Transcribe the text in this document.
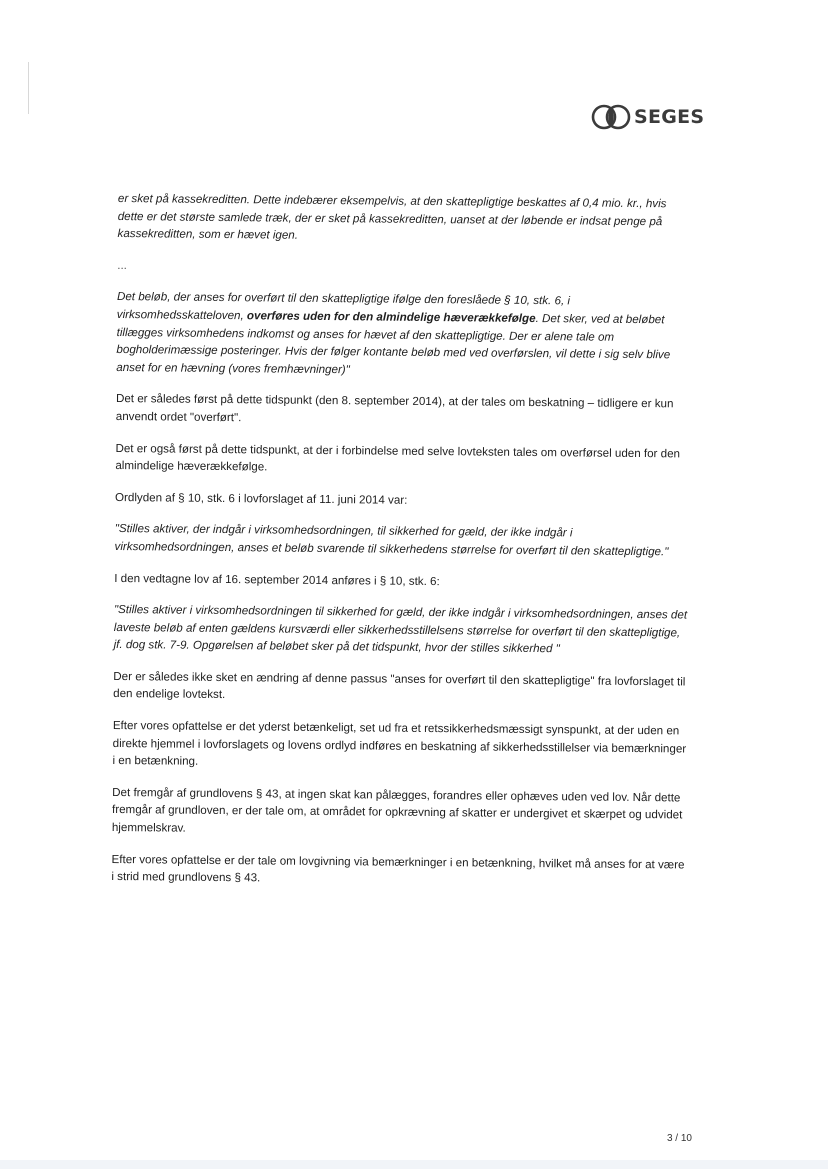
SEGES

er sket på kassekreditten. Dette indebærer eksempelvis, at den skattepligtige beskattes af 0,4 mio. kr., hvis dette er det største samlede træk, der er sket på kassekreditten, uanset at der løbende er indsat penge på kassekreditten, som er hævet igen.

...

Det beløb, der anses for overført til den skattepligtige ifølge den foreslåede § 10, stk. 6, i virksomhedsskatteloven, overføres uden for den almindelige hæverækkefølge. Det sker, ved at beløbet tillægges virksomhedens indkomst og anses for hævet af den skattepligtige. Der er alene tale om bogholderimæssige posteringer. Hvis der følger kontante beløb med ved overførslen, vil dette i sig selv blive anset for en hævning (vores fremhævninger)"

Det er således først på dette tidspunkt (den 8. september 2014), at der tales om beskatning – tidligere er kun anvendt ordet "overført".

Det er også først på dette tidspunkt, at der i forbindelse med selve lovteksten tales om overførsel uden for den almindelige hæverækkefølge.

Ordlyden af § 10, stk. 6 i lovforslaget af 11. juni 2014 var:

"Stilles aktiver, der indgår i virksomhedsordningen, til sikkerhed for gæld, der ikke indgår i virksomhedsordningen, anses et beløb svarende til sikkerhedens størrelse for overført til den skattepligtige."

I den vedtagne lov af 16. september 2014 anføres i § 10, stk. 6:

"Stilles aktiver i virksomhedsordningen til sikkerhed for gæld, der ikke indgår i virksomhedsordningen, anses det laveste beløb af enten gældens kursværdi eller sikkerhedsstillelsens størrelse for overført til den skattepligtige, jf. dog stk. 7-9. Opgørelsen af beløbet sker på det tidspunkt, hvor der stilles sikkerhed "

Der er således ikke sket en ændring af denne passus "anses for overført til den skattepligtige" fra lovforslaget til den endelige lovtekst.

Efter vores opfattelse er det yderst betænkeligt, set ud fra et retssikkerhedsmæssigt synspunkt, at der uden en direkte hjemmel i lovforslagets og lovens ordlyd indføres en beskatning af sikkerhedsstillelser via bemærkninger i en betænkning.

Det fremgår af grundlovens § 43, at ingen skat kan pålægges, forandres eller ophæves uden ved lov. Når dette fremgår af grundloven, er der tale om, at området for opkrævning af skatter er undergivet et skærpet og udvidet hjemmelskrav.

Efter vores opfattelse er der tale om lovgivning via bemærkninger i en betænkning, hvilket må anses for at være i strid med grundlovens § 43.

3 / 10
